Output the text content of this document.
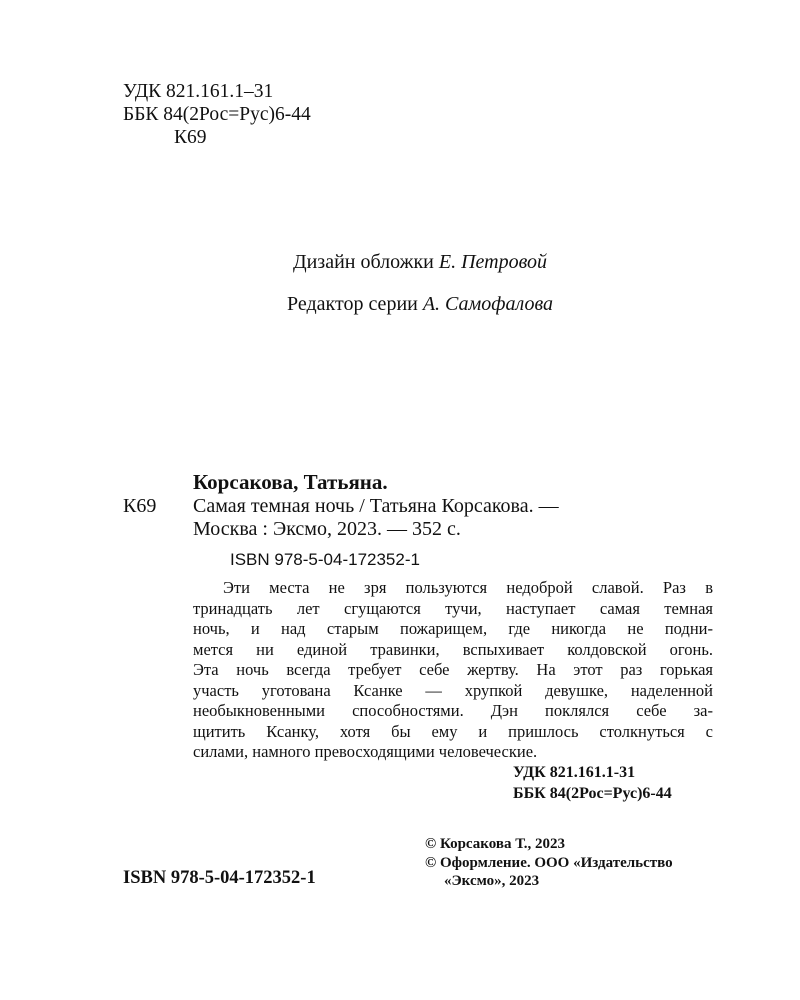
УДК 821.161.1–31
ББК 84(2Рос=Рус)6-44
К69
Дизайн обложки Е. Петровой
Редактор серии А. Самофалова
Корсакова, Татьяна.
К69 Самая темная ночь / Татьяна Корсакова. —
Москва : Эксмо, 2023. — 352 с.
ISBN 978-5-04-172352-1
Эти места не зря пользуются недоброй славой. Раз в
тринадцать лет сгущаются тучи, наступает самая темная
ночь, и над старым пожарищем, где никогда не подни-
мется ни единой травинки, вспыхивает колдовской огонь.
Эта ночь всегда требует себе жертву. На этот раз горькая
участь уготована Ксанке — хрупкой девушке, наделенной
необыкновенными способностями. Дэн поклялся себе за-
щитить Ксанку, хотя бы ему и пришлось столкнуться с
силами, намного превосходящими человеческие.
УДК 821.161.1-31
ББК 84(2Рос=Рус)6-44
ISBN 978-5-04-172352-1
© Корсакова Т., 2023
© Оформление. ООО «Издательство
«Эксмо», 2023
